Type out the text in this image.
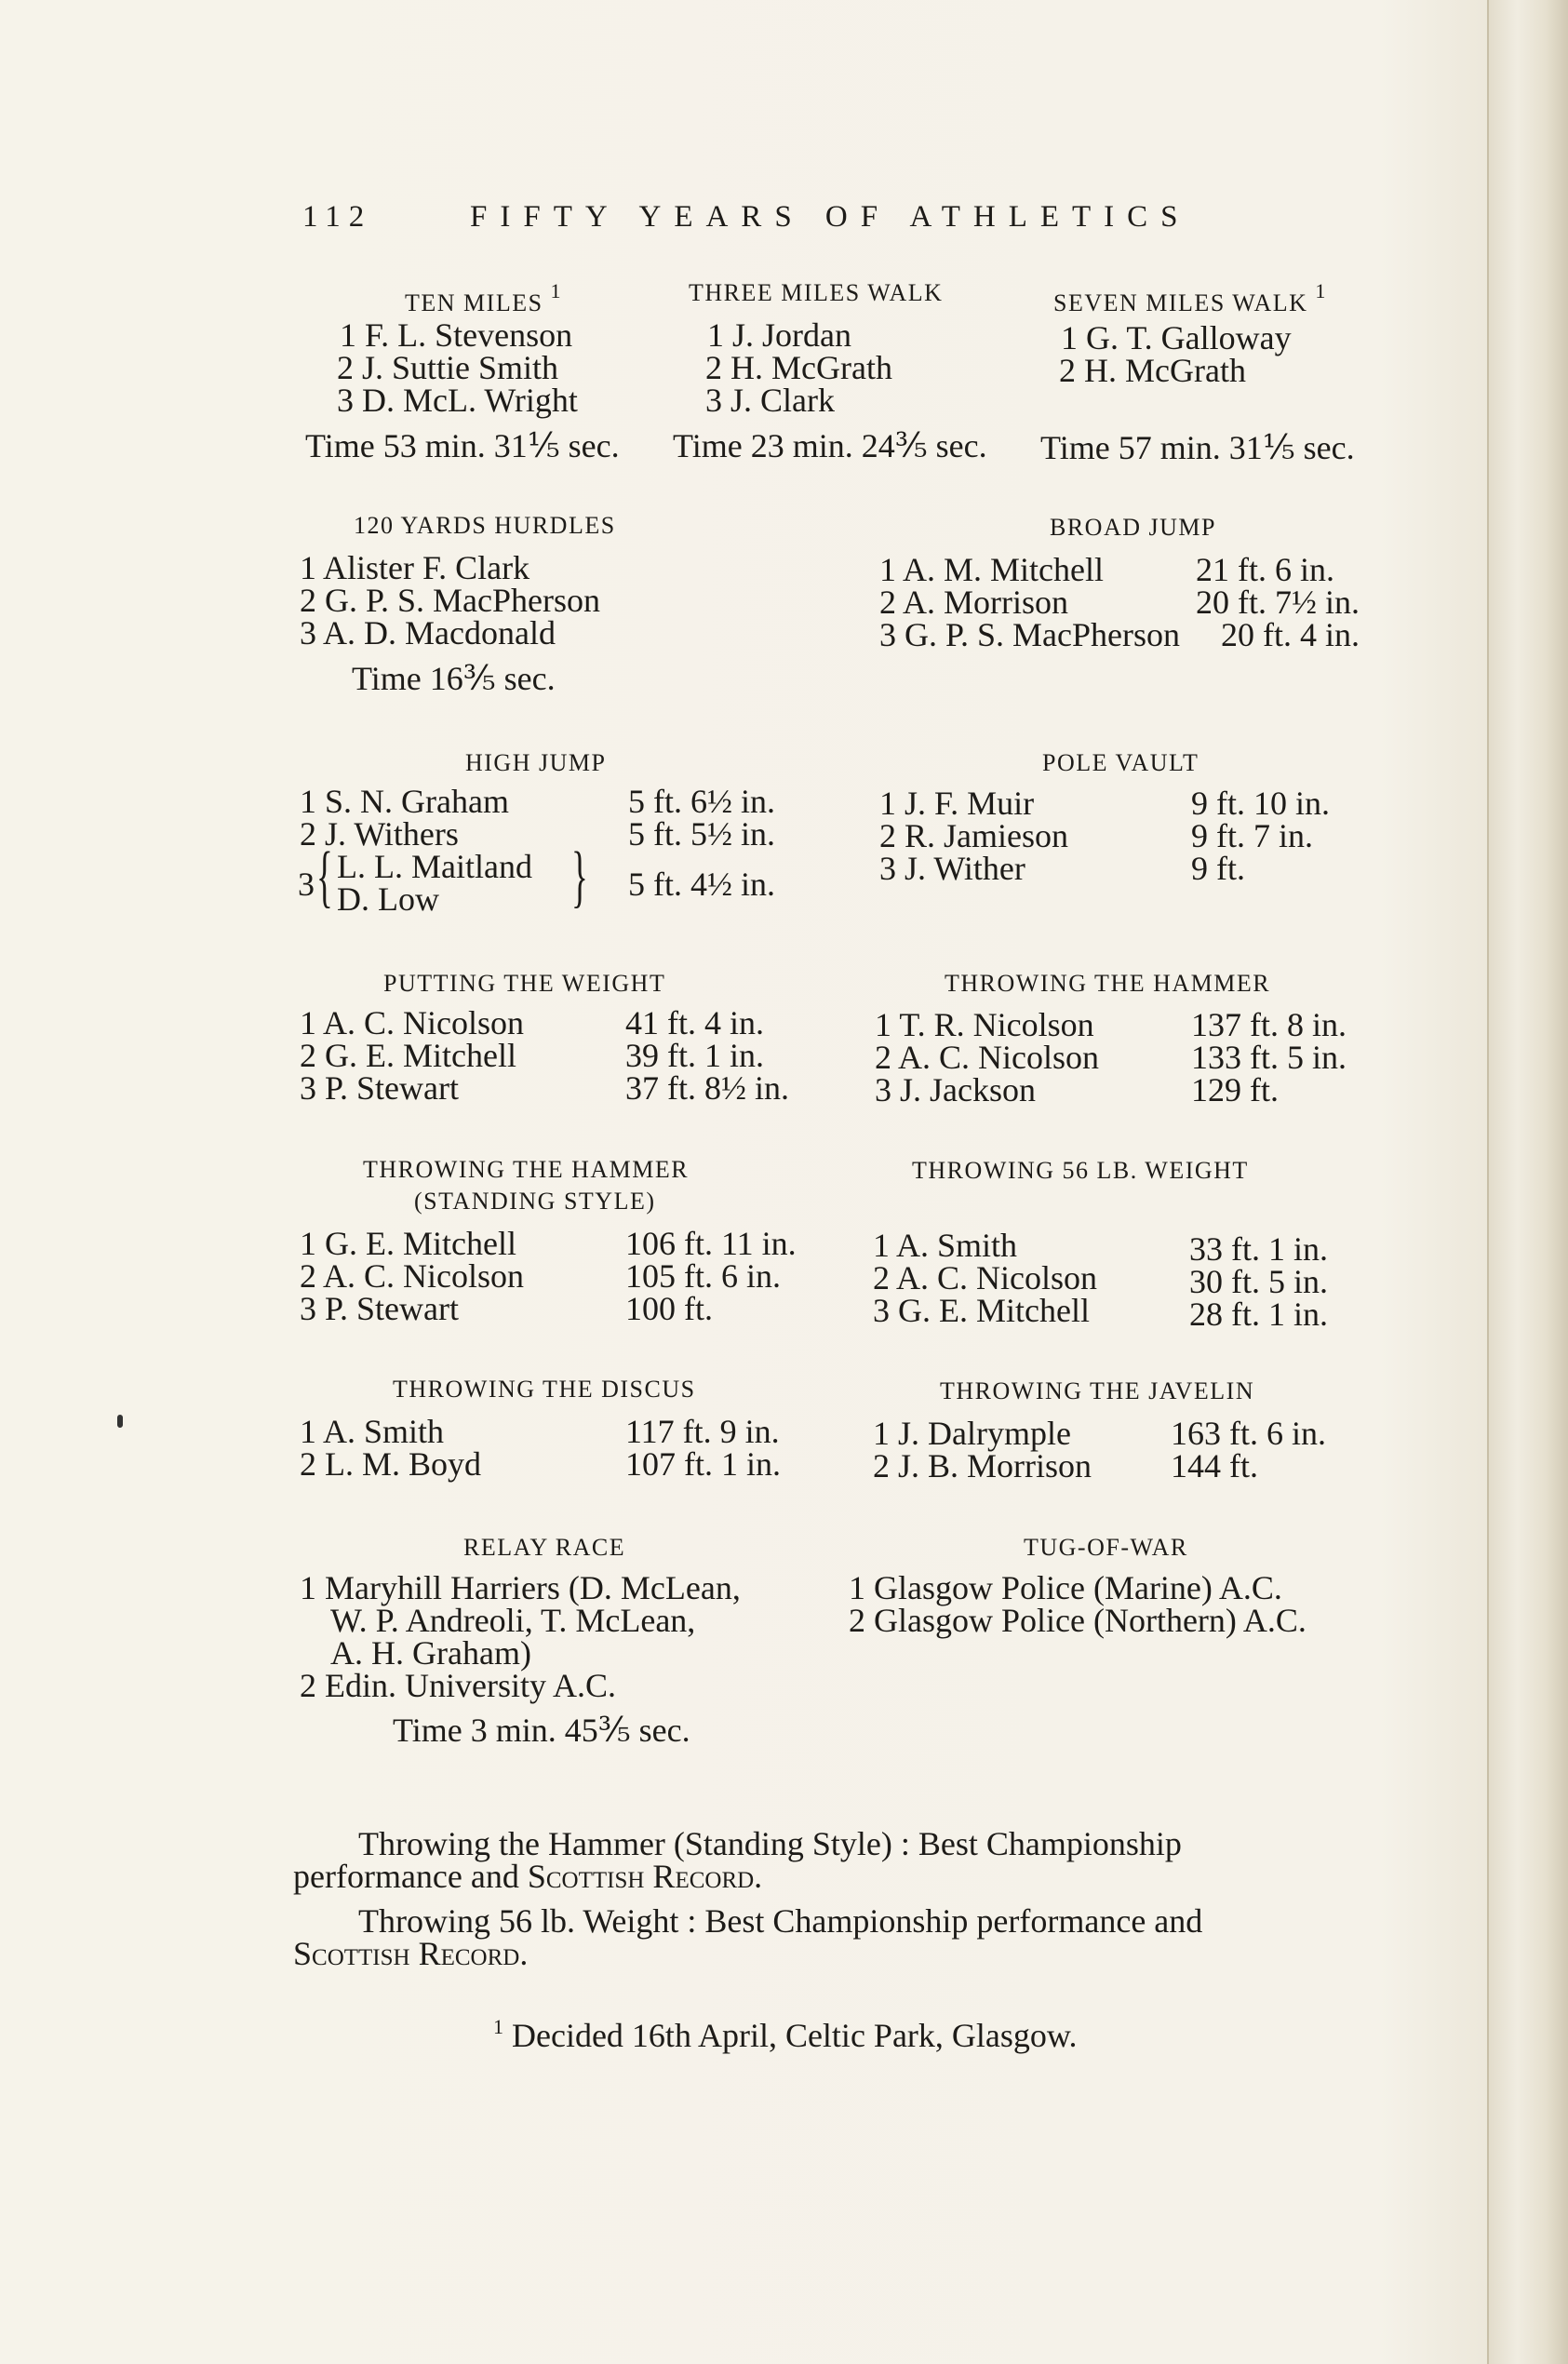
112	FIFTY YEARS OF ATHLETICS
TEN MILES $^1$
1 F. L. Stevenson
2 J. Suttie Smith
3 D. McL. Wright
Time 53 min. 31⅕ sec.
THREE MILES WALK
1 J. Jordan
2 H. McGrath
3 J. Clark
Time 23 min. 24⅗ sec.
SEVEN MILES WALK $^1$
1 G. T. Galloway
2 H. McGrath
Time 57 min. 31⅕ sec.
120 YARDS HURDLES
1 Alister F. Clark
2 G. P. S. MacPherson
3 A. D. Macdonald
Time 16⅗ sec.
BROAD JUMP
1 A. M. Mitchell	21 ft. 6 in.
2 A. Morrison	20 ft. 7½ in.
3 G. P. S. MacPherson 20 ft. 4 in.
HIGH JUMP
1 S. N. Graham	5 ft. 6½ in.
2 J. Withers	5 ft. 5½ in.
3 { L. L. Maitland
D. Low } 5 ft. 4½ in.
POLE VAULT
1 J. F. Muir	9 ft. 10 in.
2 R. Jamieson	9 ft. 7 in.
3 J. Wither	9 ft.
PUTTING THE WEIGHT
1 A. C. Nicolson	41 ft. 4 in.
2 G. E. Mitchell	39 ft. 1 in.
3 P. Stewart	37 ft. 8½ in.
THROWING THE HAMMER
1 T. R. Nicolson	137 ft. 8 in.
2 A. C. Nicolson	133 ft. 5 in.
3 J. Jackson	129 ft.
THROWING THE HAMMER
(STANDING STYLE)
1 G. E. Mitchell	106 ft. 11 in.
2 A. C. Nicolson	105 ft. 6 in.
3 P. Stewart	100 ft.
THROWING 56 LB. WEIGHT
1 A. Smith	33 ft. 1 in.
2 A. C. Nicolson	30 ft. 5 in.
3 G. E. Mitchell	28 ft. 1 in.
THROWING THE DISCUS
1 A. Smith	117 ft. 9 in.
2 L. M. Boyd	107 ft. 1 in.
THROWING THE JAVELIN
1 J. Dalrymple	163 ft. 6 in.
2 J. B. Morrison 144 ft.
RELAY RACE
1 Maryhill Harriers (D. McLean,
W. P. Andreoli, T. McLean,
A. H. Graham)
2 Edin. University A.C.
Time 3 min. 45⅗ sec.
TUG-OF-WAR
1 Glasgow Police (Marine) A.C.
2 Glasgow Police (Northern) A.C.
Throwing the Hammer (Standing Style) : Best Championship
performance and Scottish Record.
Throwing 56 lb. Weight : Best Championship performance and
Scottish Record.
$^1$ Decided 16th April, Celtic Park, Glasgow.
